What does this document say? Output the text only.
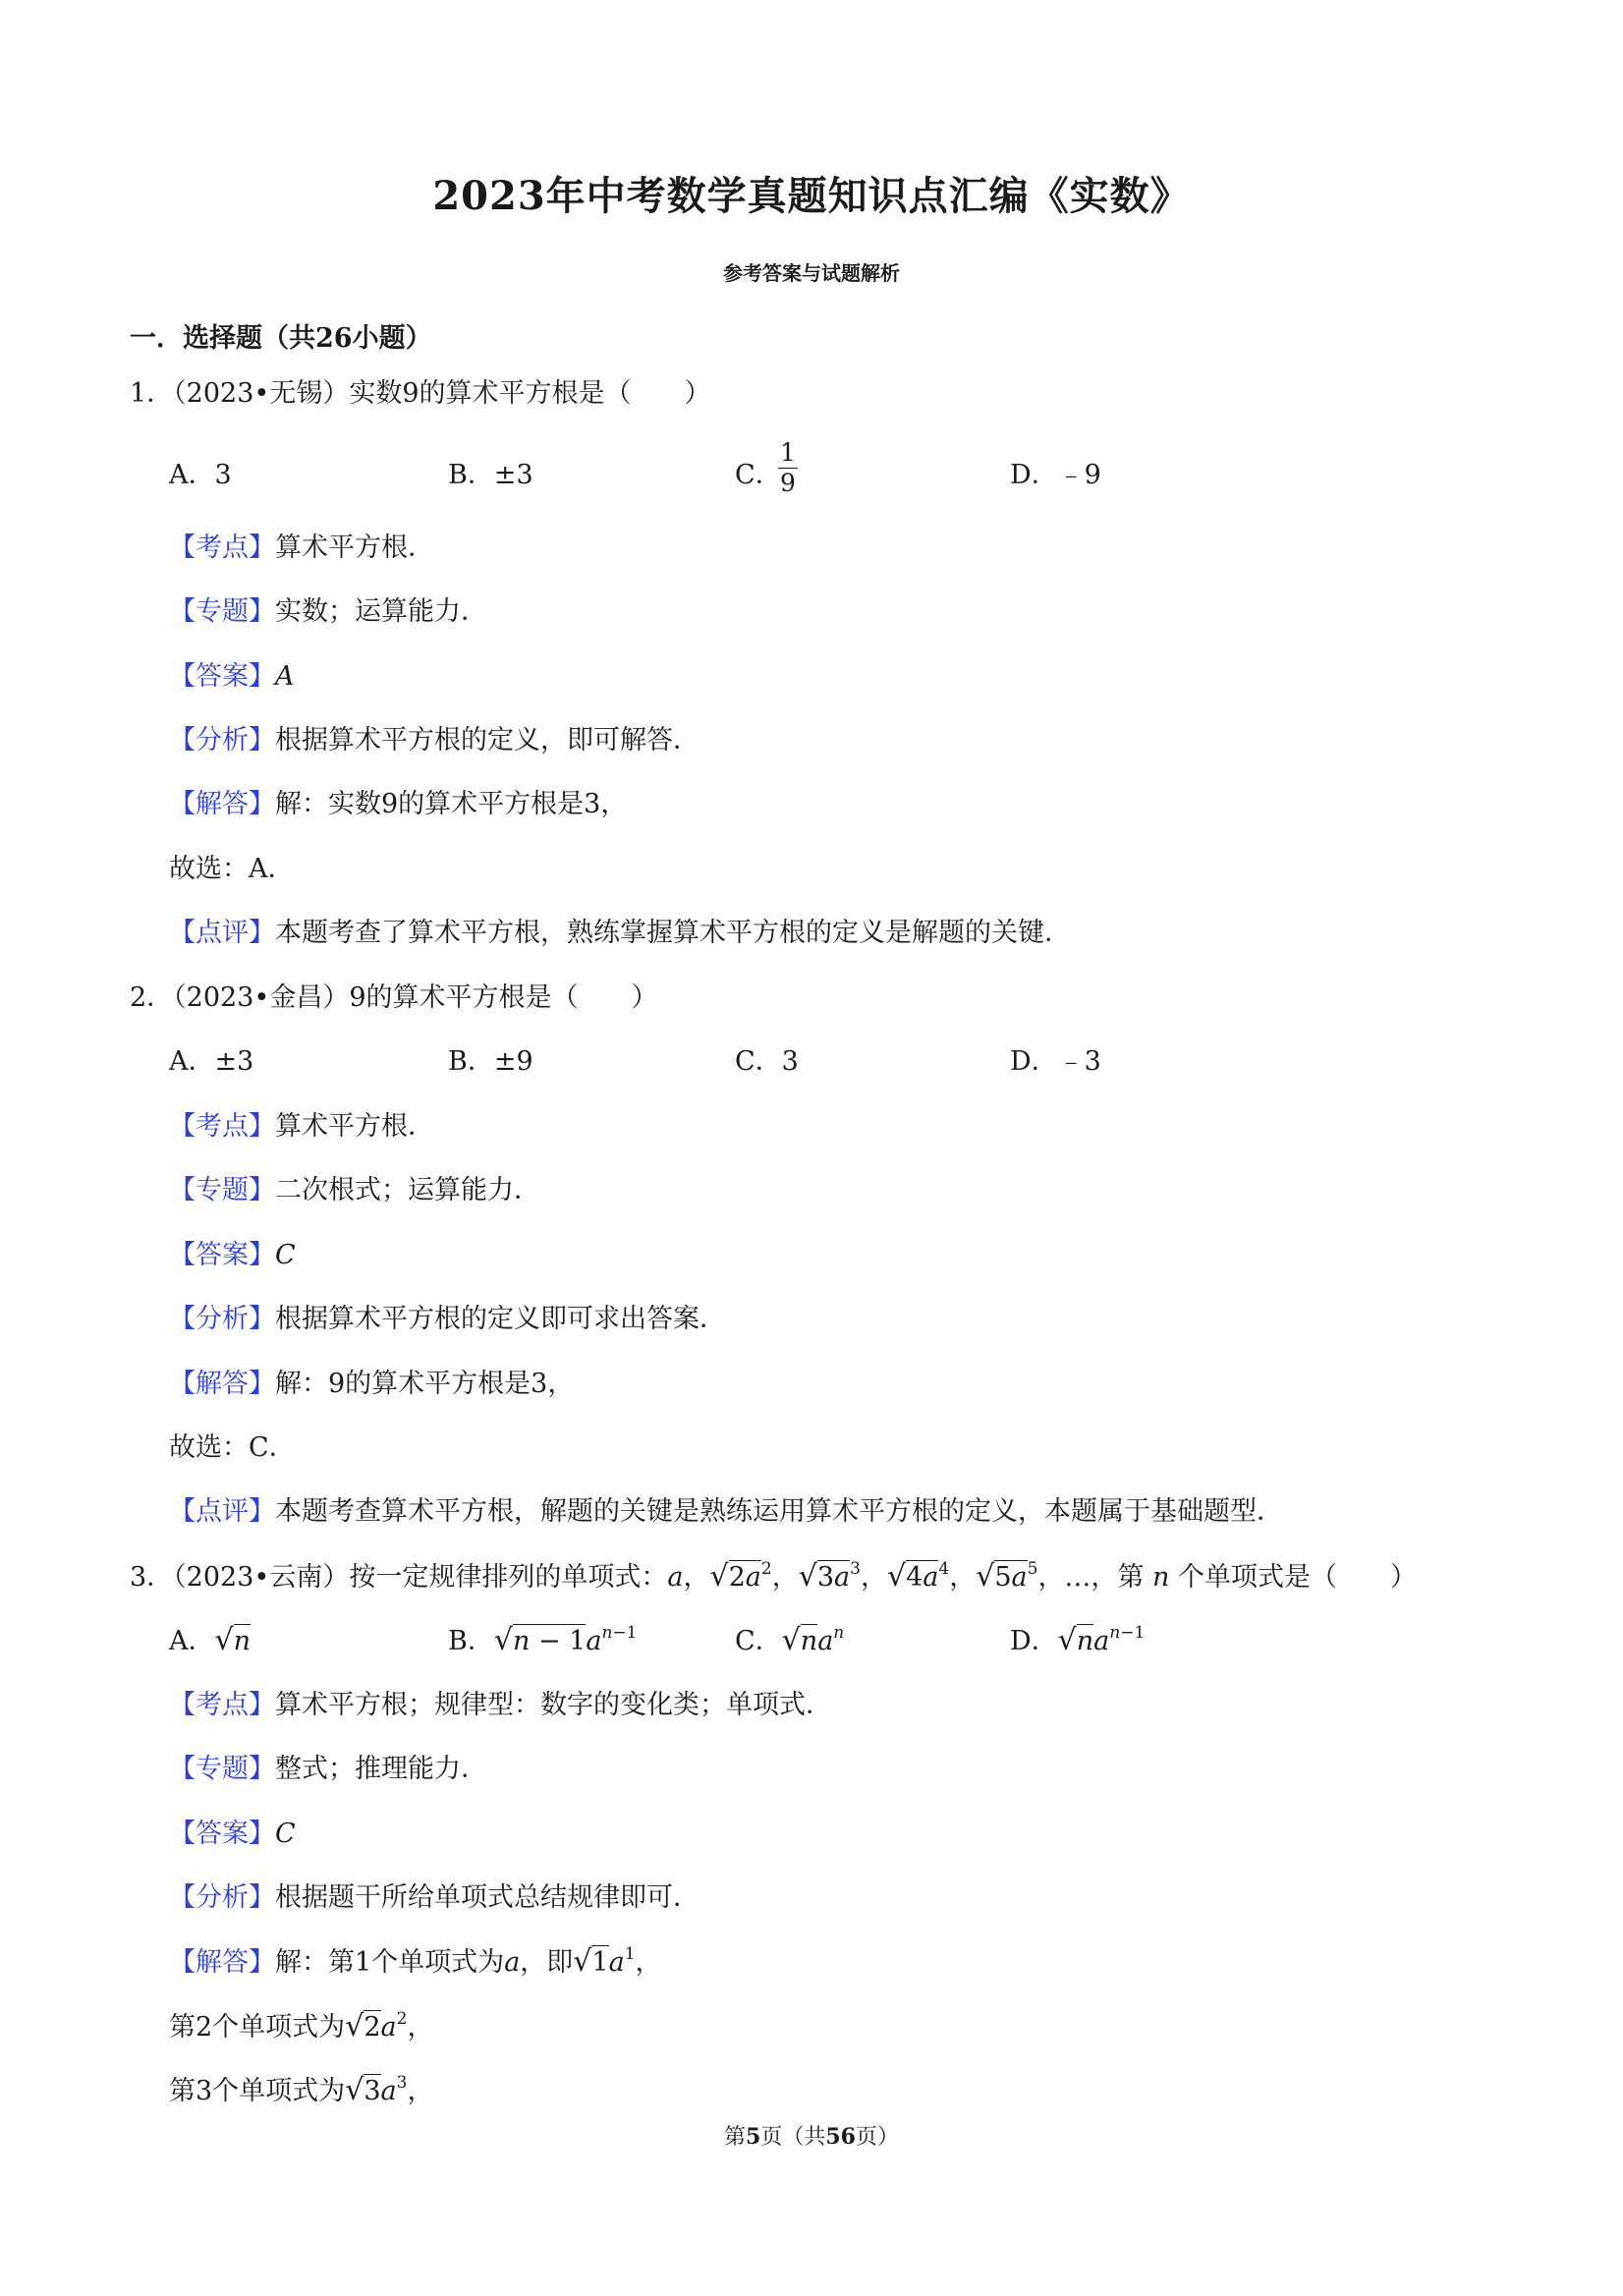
2023年中考数学真题知识点汇编《实数》
参考答案与试题解析
一．选择题（共26小题）
1．（2023•无锡）实数9的算术平方根是（　　）
A．3	B．±3	C．
1
9	D．﹣9
【考点】算术平方根．
【专题】实数；运算能力．
【答案】A
【分析】根据算术平方根的定义，即可解答．
【解答】解：实数9的算术平方根是3，
故选：A．
【点评】本题考查了算术平方根，熟练掌握算术平方根的定义是解题的关键．
2．（2023•金昌）9的算术平方根是（　　）
A．±3	B．±9	C．3	D．﹣3
【考点】算术平方根．
【专题】二次根式；运算能力．
【答案】C
【分析】根据算术平方根的定义即可求出答案．
【解答】解：9的算术平方根是3，
故选：C．
【点评】本题考查算术平方根，解题的关键是熟练运用算术平方根的定义，本题属于基础题型．
3．（2023•云南）按一定规律排列的单项式：a，$√2a^2$，$√3a^3$，$√4a^4$，$√5a^5$，…，第 n 个单项式是（　　）
A．√n	B．$√n - 1a^{n-1}$	C．$√na^n$	D．$√na^{n-1}$
【考点】算术平方根；规律型：数字的变化类；单项式．
【专题】整式；推理能力．
【答案】C
【分析】根据题干所给单项式总结规律即可．
【解答】解：第1个单项式为a，即$√1a^1$，
第2个单项式为$√2a^2$，
第3个单项式为$√3a^3$，
第5页（共56页）
